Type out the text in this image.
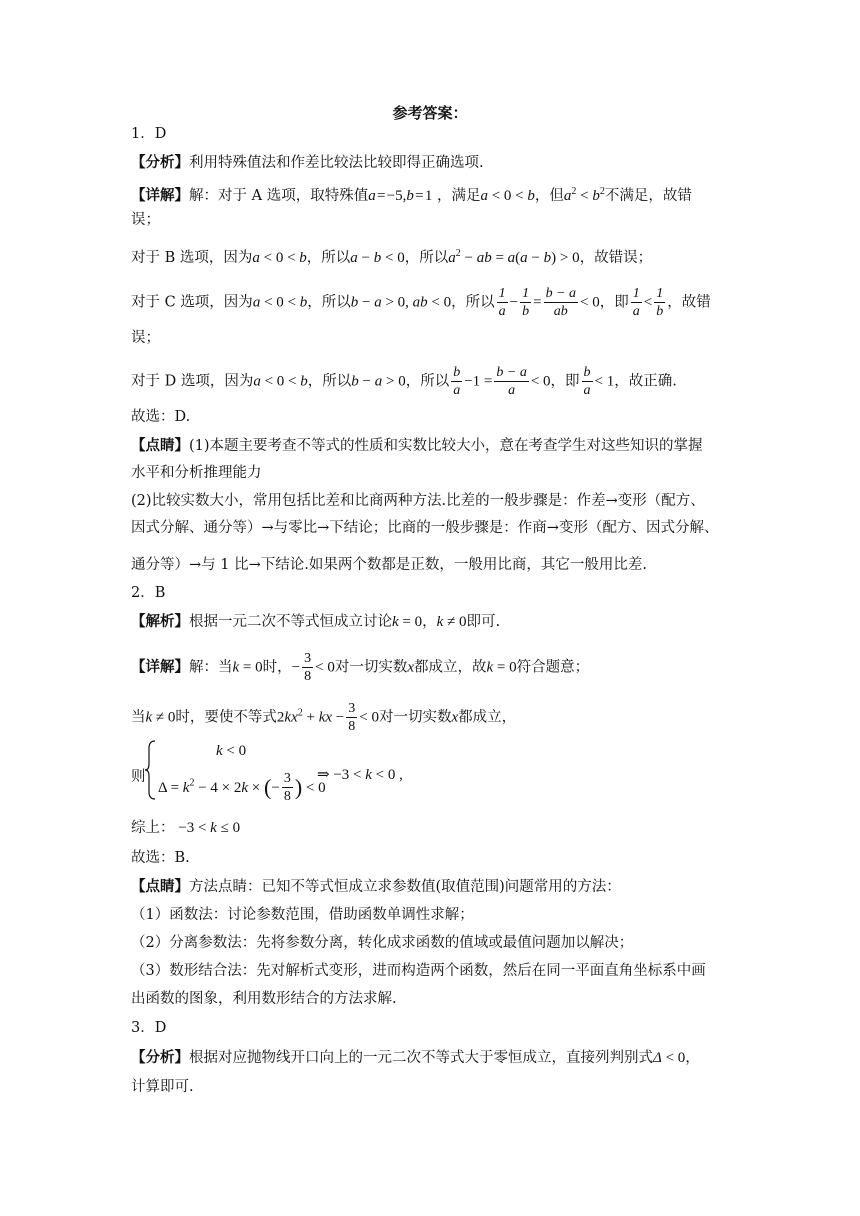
参考答案：
1．D
【分析】利用特殊值法和作差比较法比较即得正确选项.
【详解】解：对于 A 选项，取特殊值a = −5,b = 1 ，满足a < 0 < b，但$a^2 < b^2$不满足，故错
误；
对于 B 选项，因为a < 0 < b，所以a − b < 0，所以$a^2$ − ab = a(a − b) > 0，故错误；
对于 C 选项，因为a < 0 < b，所以b − a > 0, ab < 0，所以 $\frac{1}{a} - \frac{1}{b} = \frac{b - a}{ab} < 0$，即 $\frac{1}{a} < \frac{1}{b}$ ，故错
误；
对于 D 选项，因为a < 0 < b，所以b − a > 0，所以 $\frac{b}{a} -1 = \frac{b - a}{a} < 0$，即 $\frac{b}{a} < 1$，故正确.
故选：D.
【点睛】(1)本题主要考查不等式的性质和实数比较大小，意在考查学生对这些知识的掌握
水平和分析推理能力
(2)比较实数大小，常用包括比差和比商两种方法.比差的一般步骤是：作差→变形（配方、
因式分解、通分等）→与零比→下结论；比商的一般步骤是：作商→变形（配方、因式分解、
通分等）→与 1 比→下结论.如果两个数都是正数，一般用比商，其它一般用比差.
2．B
【解析】根据一元二次不等式恒成立讨论k = 0，k ≠ 0即可.
【详解】解：当k = 0时，− $\frac{3}{8} < 0$对一切实数x都成立，故k = 0符合题意；
当k ≠ 0时，要使不等式$2kx^2$ + kx − $\frac{3}{8} < 0$对一切实数x都成立，
则
k < 0
$\Delta = k^2 - 4 \times 2k$ × (− $\frac{3}{8}$ ) < 0
⇒ −3 < k < 0 ,
综上： −3 < k ≤ 0
故选：B.
【点睛】方法点睛：已知不等式恒成立求参数值(取值范围)问题常用的方法：
（1）函数法：讨论参数范围，借助函数单调性求解；
（2）分离参数法：先将参数分离，转化成求函数的值域或最值问题加以解决；
（3）数形结合法：先对解析式变形，进而构造两个函数，然后在同一平面直角坐标系中画
出函数的图象，利用数形结合的方法求解.
3．D
【分析】根据对应抛物线开口向上的一元二次不等式大于零恒成立，直接列判别式Δ < 0，
计算即可.
